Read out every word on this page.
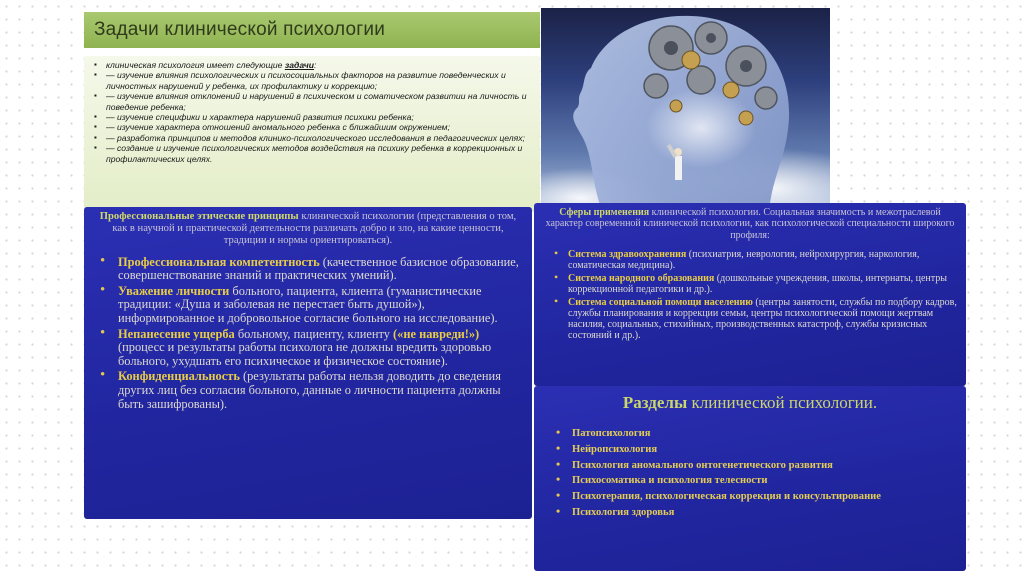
Задачи клинической психологии
▪ клиническая психология имеет следующие задачи:
▪ — изучение влияния психологических и психосоциальных факторов на развитие поведенческих и личностных нарушений у ребенка, их профилактику и коррекцию;
▪ — изучение влияния отклонений и нарушений в психическом и соматическом развитии на личность и поведение ребенка;
▪ — изучение специфики и характера нарушений развития психики ребенка;
▪ — изучение характера отношений аномального ребенка с ближайшим окружением;
▪ — разработка принципов и методов клинико-психологического исследования в педагогических целях;
▪ — создание и изучение психологических методов воздействия на психику ребенка в коррекционных и профилактических целях.
Профессиональные этические принципы клинической психологии (представления о том, как в научной и практической деятельности различать добро и зло, на какие ценности, традиции и нормы ориентироваться).
• Профессиональная компетентность (качественное базисное образование, совершенствование знаний и практических умений).
• Уважение личности больного, пациента, клиента (гуманистические традиции: «Душа и заболевая не перестает быть душой»), информированное и добровольное согласие больного на исследование).
• Непанесение ущерба больному, пациенту, клиенту («не навреди!») (процесс и результаты работы психолога не должны вредить здоровью больного, ухудшать его психическое и физическое состояние).
• Конфиденциальность (результаты работы нельзя доводить до сведения других лиц без согласия больного, данные о личности пациента должны быть зашифрованы).
Сферы применения клинической психологии. Социальная значимость и межотраслевой характер современной клинической психологии, как психологической специальности широкого профиля:
• Система здравоохранения (психиатрия, неврология, нейрохирургия, наркология, соматическая медицина).
• Система народного образования (дошкольные учреждения, школы, интернаты, центры коррекционной педагогики и др.).
• Система социальной помощи населению (центры занятости, службы по подбору кадров, службы планирования и коррекции семьи, центры психологической помощи жертвам насилия, социальных, стихийных, производственных катастроф, службы кризисных состояний и др.).
Разделы клинической психологии.
• Патопсихология
• Нейропсихология
• Психология аномального онтогенетического развития
• Психосоматика и психология телесности
• Психотерапия, психологическая коррекция и консультирование
• Психология здоровья
